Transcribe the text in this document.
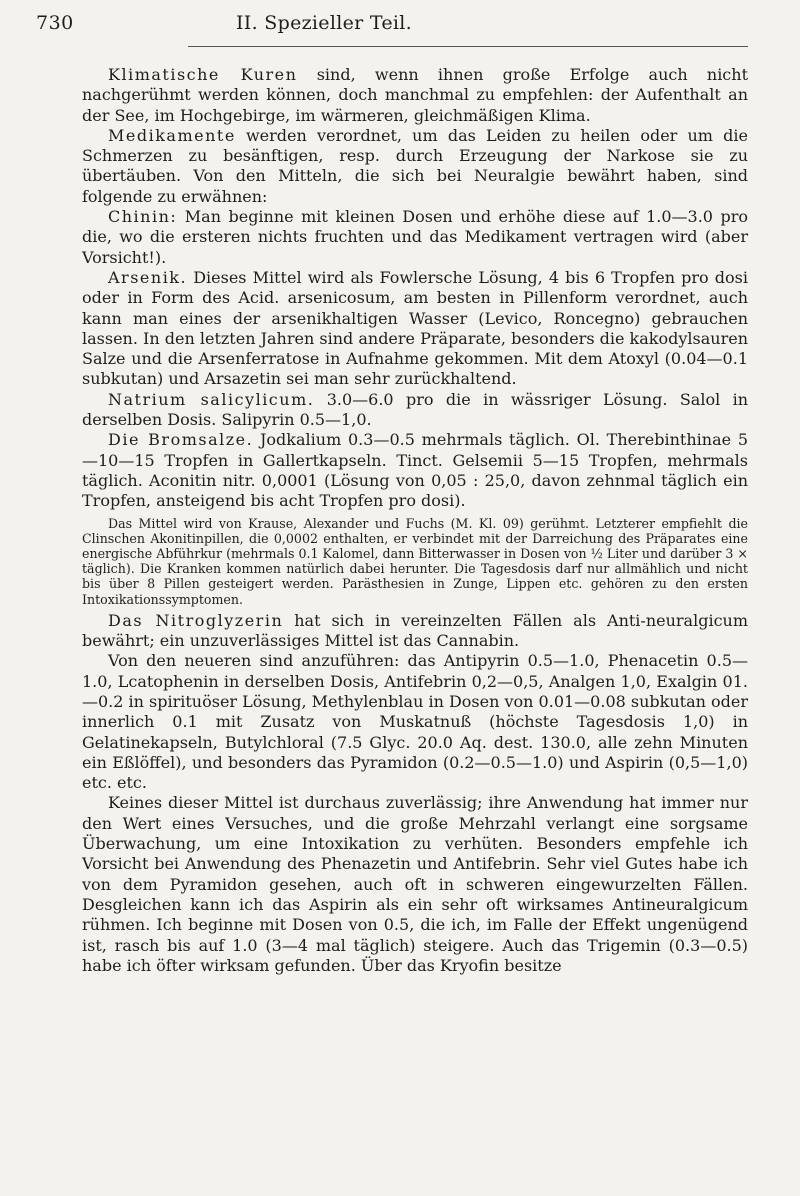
730	II. Spezieller Teil.

Klimatische Kuren sind, wenn ihnen große Erfolge auch nicht nachgerühmt werden können, doch manchmal zu empfehlen: der Aufenthalt an der See, im Hochgebirge, im wärmeren, gleichmäßigen Klima.

Medikamente werden verordnet, um das Leiden zu heilen oder um die Schmerzen zu besänftigen, resp. durch Erzeugung der Narkose sie zu übertäuben. Von den Mitteln, die sich bei Neuralgie bewährt haben, sind folgende zu erwähnen:

Chinin: Man beginne mit kleinen Dosen und erhöhe diese auf 1.0—3.0 pro die, wo die ersteren nichts fruchten und das Medikament vertragen wird (aber Vorsicht!).

Arsenik. Dieses Mittel wird als Fowlersche Lösung, 4 bis 6 Tropfen pro dosi oder in Form des Acid. arsenicosum, am besten in Pillenform verordnet, auch kann man eines der arsenikhaltigen Wasser (Levico, Roncegno) gebrauchen lassen. In den letzten Jahren sind andere Präparate, besonders die kakodylsauren Salze und die Arsenferratose in Aufnahme gekommen. Mit dem Atoxyl (0.04—0.1 subkutan) und Arsazetin sei man sehr zurückhaltend.

Natrium salicylicum. 3.0—6.0 pro die in wässriger Lösung. Salol in derselben Dosis. Salipyrin 0.5—1,0.

Die Bromsalze. Jodkalium 0.3—0.5 mehrmals täglich. Ol. Therebinthinae 5—10—15 Tropfen in Gallertkapseln. Tinct. Gelsemii 5—15 Tropfen, mehrmals täglich. Aconitin nitr. 0,0001 (Lösung von 0,05 : 25,0, davon zehnmal täglich ein Tropfen, ansteigend bis acht Tropfen pro dosi).

Das Mittel wird von Krause, Alexander und Fuchs (M. Kl. 09) gerühmt. Letzterer empfiehlt die Clinschen Akonitinpillen, die 0,0002 enthalten, er verbindet mit der Darreichung des Präparates eine energische Abführkur (mehrmals 0.1 Kalomel, dann Bitterwasser in Dosen von ½ Liter und darüber 3 × täglich). Die Kranken kommen natürlich dabei herunter. Die Tagesdosis darf nur allmählich und nicht bis über 8 Pillen gesteigert werden. Parästhesien in Zunge, Lippen etc. gehören zu den ersten Intoxikationssymptomen.

Das Nitroglyzerin hat sich in vereinzelten Fällen als Anti-neuralgicum bewährt; ein unzuverlässiges Mittel ist das Cannabin.

Von den neueren sind anzuführen: das Antipyrin 0.5—1.0, Phenacetin 0.5—1.0, Lcatophenin in derselben Dosis, Antifebrin 0,2—0,5, Analgen 1,0, Exalgin 01.—0.2 in spirituöser Lösung, Methylenblau in Dosen von 0.01—0.08 subkutan oder innerlich 0.1 mit Zusatz von Muskatnuß (höchste Tagesdosis 1,0) in Gelatinekapseln, Butylchloral (7.5 Glyc. 20.0 Aq. dest. 130.0, alle zehn Minuten ein Eßlöffel), und besonders das Pyramidon (0.2—0.5—1.0) und Aspirin (0,5—1,0) etc. etc.

Keines dieser Mittel ist durchaus zuverlässig; ihre Anwendung hat immer nur den Wert eines Versuches, und die große Mehrzahl verlangt eine sorgsame Überwachung, um eine Intoxikation zu verhüten. Besonders empfehle ich Vorsicht bei Anwendung des Phenazetin und Antifebrin. Sehr viel Gutes habe ich von dem Pyramidon gesehen, auch oft in schweren eingewurzelten Fällen. Desgleichen kann ich das Aspirin als ein sehr oft wirksames Antineuralgicum rühmen. Ich beginne mit Dosen von 0.5, die ich, im Falle der Effekt ungenügend ist, rasch bis auf 1.0 (3—4 mal täglich) steigere. Auch das Trigemin (0.3—0.5) habe ich öfter wirksam gefunden. Über das Kryofin besitze
